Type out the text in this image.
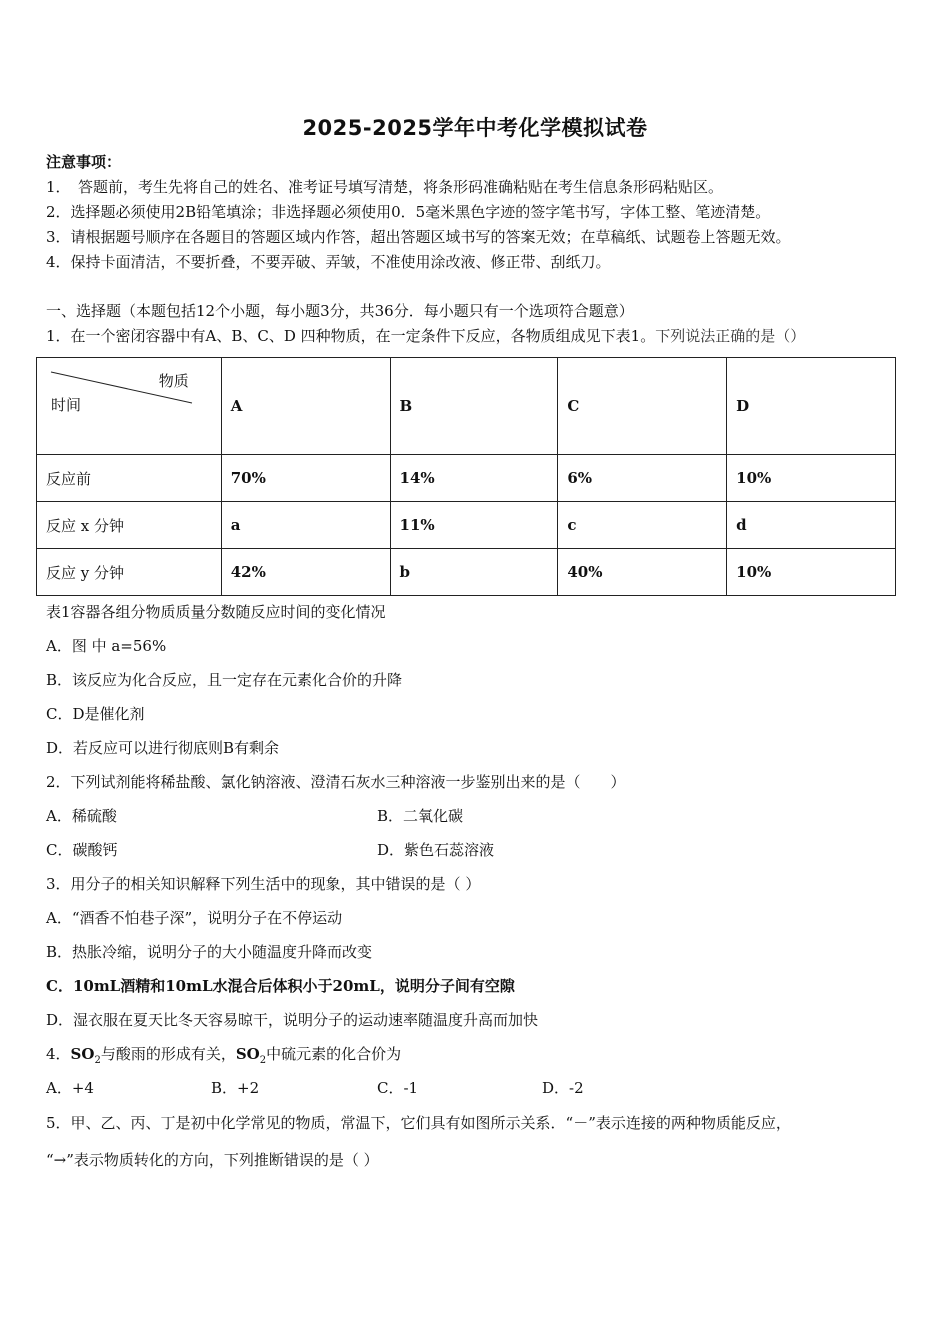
2025-2025学年中考化学模拟试卷
注意事项：
1．　答题前，考生先将自己的姓名、准考证号填写清楚，将条形码准确粘贴在考生信息条形码粘贴区。
2．选择题必须使用2B铅笔填涂；非选择题必须使用0．5毫米黑色字迹的签字笔书写，字体工整、笔迹清楚。
3．请根据题号顺序在各题目的答题区域内作答，超出答题区域书写的答案无效；在草稿纸、试题卷上答题无效。
4．保持卡面清洁，不要折叠，不要弄破、弄皱，不准使用涂改液、修正带、刮纸刀。
一、选择题（本题包括12个小题，每小题3分，共36分．每小题只有一个选项符合题意）
1．在一个密闭容器中有A、B、C、D 四种物质，在一定条件下反应，各物质组成见下表1。下列说法正确的是（）
物质
时间	A	B	C	D
反应前	70%	14%	6%	10%
反应 x 分钟	a	11%	c	d
反应 y 分钟	42%	b	40%	10%
表1容器各组分物质质量分数随反应时间的变化情况
A．图 中 a=56%
B．该反应为化合反应，且一定存在元素化合价的升降
C．D是催化剂
D．若反应可以进行彻底则B有剩余
2．下列试剂能将稀盐酸、氯化钠溶液、澄清石灰水三种溶液一步鉴别出来的是（　　）
A．稀硫酸	B．二氧化碳
C．碳酸钙	D．紫色石蕊溶液
3．用分子的相关知识解释下列生活中的现象，其中错误的是（ ）
A．“酒香不怕巷子深”，说明分子在不停运动
B．热胀冷缩，说明分子的大小随温度升降而改变
C．10mL酒精和10mL水混合后体积小于20mL，说明分子间有空隙
D．湿衣服在夏天比冬天容易晾干，说明分子的运动速率随温度升高而加快
4．$SO_2$与酸雨的形成有关，$SO_2$中硫元素的化合价为
A．+4	B．+2	C．-1	D．-2
5．甲、乙、丙、丁是初中化学常见的物质，常温下，它们具有如图所示关系．“－”表示连接的两种物质能反应，
“→”表示物质转化的方向，下列推断错误的是（ ）
